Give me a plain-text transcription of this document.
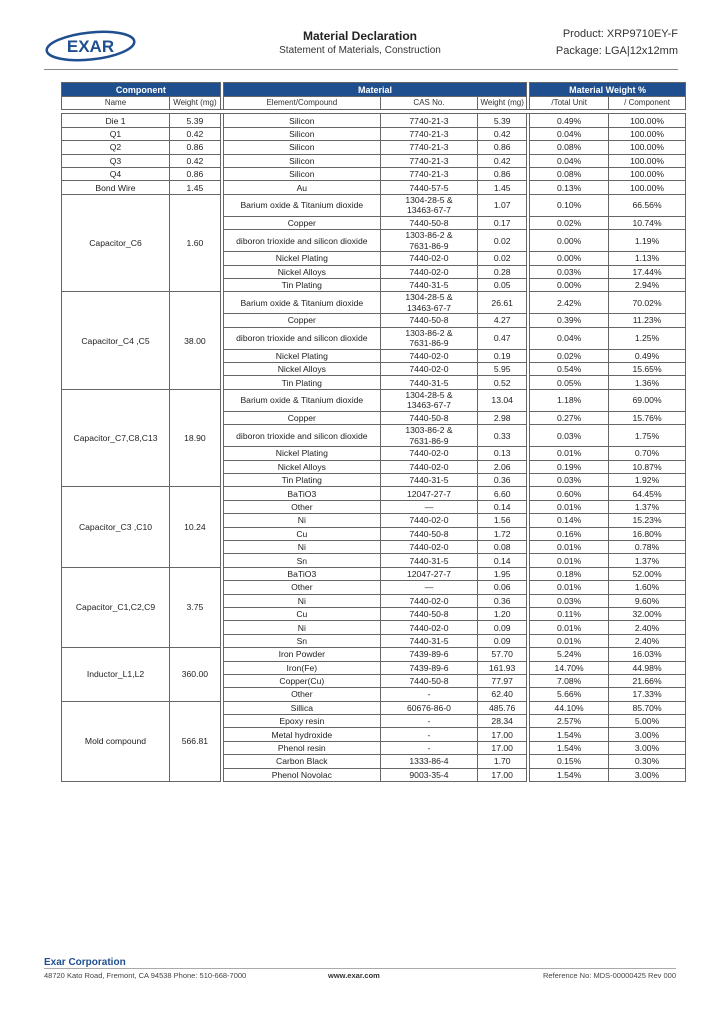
EXAR
Material Declaration
Statement of Materials, Construction
Product: XRP9710EY-F
Package: LGA|12x12mm
Component			Material				Material Weight %	
Name	Weight (mg)		Element/Compound	CAS No.	Weight (mg)		/Total Unit	/ Component

Die 1	5.39		Silicon	7740-21-3	5.39		0.49%	100.00%
Q1	0.42		Silicon	7740-21-3	0.42		0.04%	100.00%
Q2	0.86		Silicon	7740-21-3	0.86		0.08%	100.00%
Q3	0.42		Silicon	7740-21-3	0.42		0.04%	100.00%
Q4	0.86		Silicon	7740-21-3	0.86		0.08%	100.00%
Bond Wire	1.45		Au	7440-57-5	1.45		0.13%	100.00%
Capacitor_C6	1.60		Barium oxide & Titanium dioxide	1304-28-5 &
13463-67-7	1.07		0.10%	66.56%
			Copper	7440-50-8	0.17		0.02%	10.74%
			diboron trioxide and silicon dioxide	1303-86-2 &
7631-86-9	0.02		0.00%	1.19%
			Nickel Plating	7440-02-0	0.02		0.00%	1.13%
			Nickel Alloys	7440-02-0	0.28		0.03%	17.44%
			Tin Plating	7440-31-5	0.05		0.00%	2.94%
Capacitor_C4 ,C5	38.00		Barium oxide & Titanium dioxide	1304-28-5 &
13463-67-7	26.61		2.42%	70.02%
			Copper	7440-50-8	4.27		0.39%	11.23%
			diboron trioxide and silicon dioxide	1303-86-2 &
7631-86-9	0.47		0.04%	1.25%
			Nickel Plating	7440-02-0	0.19		0.02%	0.49%
			Nickel Alloys	7440-02-0	5.95		0.54%	15.65%
			Tin Plating	7440-31-5	0.52		0.05%	1.36%
Capacitor_C7,C8,C13	18.90		Barium oxide & Titanium dioxide	1304-28-5 &
13463-67-7	13.04		1.18%	69.00%
			Copper	7440-50-8	2.98		0.27%	15.76%
			diboron trioxide and silicon dioxide	1303-86-2 &
7631-86-9	0.33		0.03%	1.75%
			Nickel Plating	7440-02-0	0.13		0.01%	0.70%
			Nickel Alloys	7440-02-0	2.06		0.19%	10.87%
			Tin Plating	7440-31-5	0.36		0.03%	1.92%
Capacitor_C3 ,C10	10.24		BaTiO3	12047-27-7	6.60		0.60%	64.45%
			Other	—	0.14		0.01%	1.37%
			Ni	7440-02-0	1.56		0.14%	15.23%
			Cu	7440-50-8	1.72		0.16%	16.80%
			Ni	7440-02-0	0.08		0.01%	0.78%
			Sn	7440-31-5	0.14		0.01%	1.37%
Capacitor_C1,C2,C9	3.75		BaTiO3	12047-27-7	1.95		0.18%	52.00%
			Other	—	0.06		0.01%	1.60%
			Ni	7440-02-0	0.36		0.03%	9.60%
			Cu	7440-50-8	1.20		0.11%	32.00%
			Ni	7440-02-0	0.09		0.01%	2.40%
			Sn	7440-31-5	0.09		0.01%	2.40%
Inductor_L1,L2	360.00		Iron Powder	7439-89-6	57.70		5.24%	16.03%
			Iron(Fe)	7439-89-6	161.93		14.70%	44.98%
			Copper(Cu)	7440-50-8	77.97		7.08%	21.66%
			Other	-	62.40		5.66%	17.33%
Mold compound	566.81		Sillica	60676-86-0	485.76		44.10%	85.70%
			Epoxy resin	-	28.34		2.57%	5.00%
			Metal hydroxide	-	17.00		1.54%	3.00%
			Phenol resin	-	17.00		1.54%	3.00%
			Carbon Black	1333-86-4	1.70		0.15%	0.30%
			Phenol Novolac	9003-35-4	17.00		1.54%	3.00%
Exar Corporation
48720 Kato Road, Fremont, CA 94538 Phone: 510-668-7000	www.exar.com	Reference No: MDS-00000425 Rev 000
